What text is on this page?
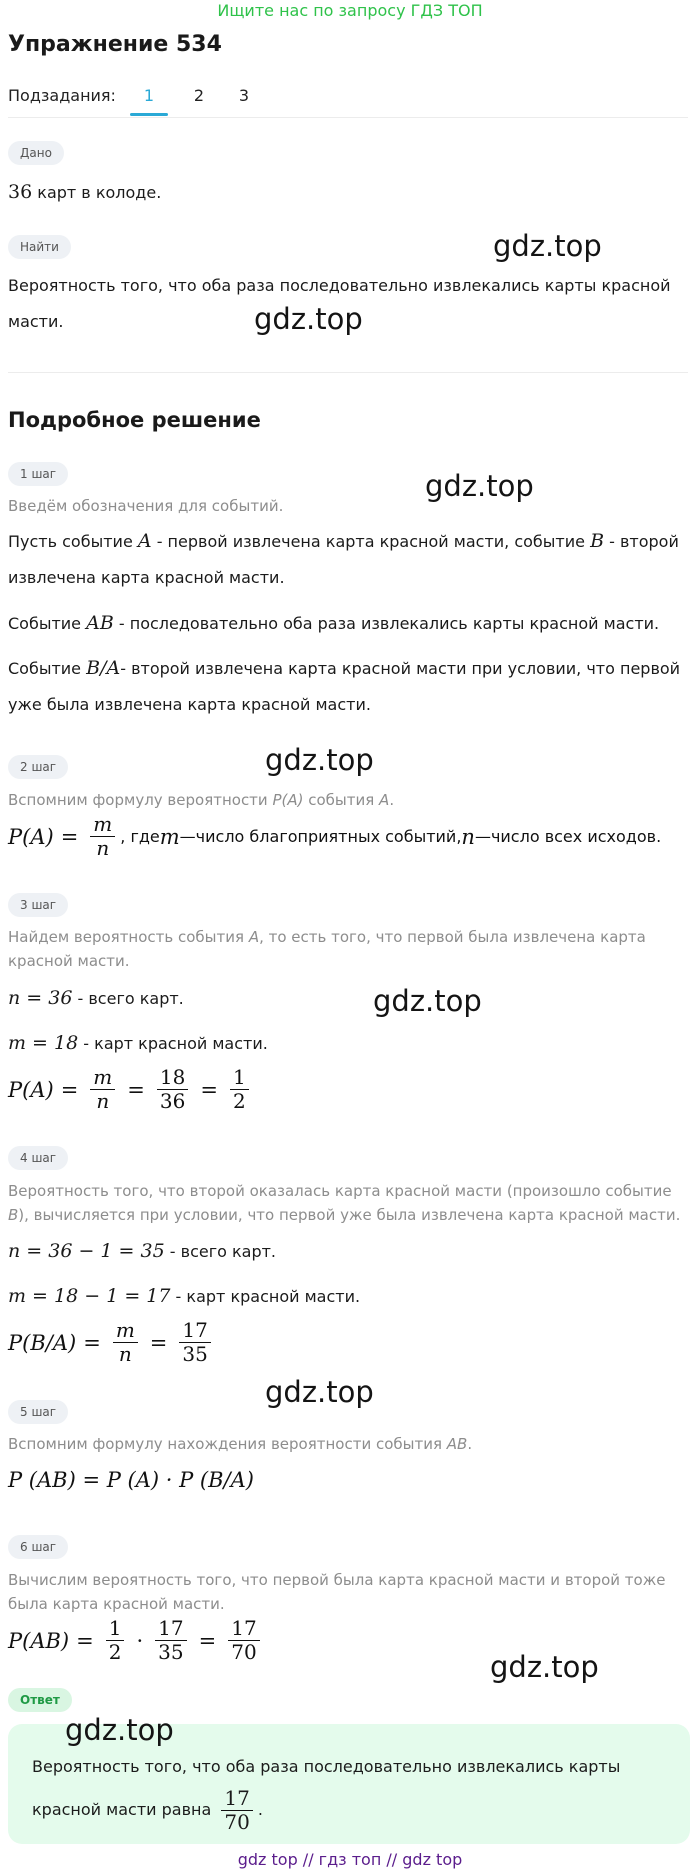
Ищите нас по запросу ГДЗ ТОП
Упражнение 534
Подзадания:	1	2	3
Дано
36 карт в колоде.
Найти
Вероятность того, что оба раза последовательно извлекались карты красной масти.
Подробное решение
1 шаг
Введём обозначения для событий.
Пусть событие A - первой извлечена карта красной масти, событие B - второй извлечена карта красной масти.
Событие AB - последовательно оба раза извлекались карты красной масти.
Событие B/A- второй извлечена карта красной масти при условии, что первой уже была извлечена карта красной масти.
2 шаг
Вспомним формулу вероятности P(A) события A.
$P(A) = \frac{m}{n}$ , где m —число благоприятных событий, n —число всех исходов.
3 шаг
Найдем вероятность события A, то есть того, что первой была извлечена карта красной масти.
n = 36 - всего карт.
m = 18 - карт красной масти.
$P(A) = \frac{m}{n} = \frac{18}{36} = \frac{1}{2}$
4 шаг
Вероятность того, что второй оказалась карта красной масти (произошло событие B), вычисляется при условии, что первой уже была извлечена карта красной масти.
n = 36 − 1 = 35 - всего карт.
m = 18 − 1 = 17 - карт красной масти.
$P(B/A) = \frac{m}{n} = \frac{17}{35}$
5 шаг
Вспомним формулу нахождения вероятности события AB.
P (AB) = P (A) · P (B/A)
6 шаг
Вычислим вероятность того, что первой была карта красной масти и второй тоже была карта красной масти.
$P(AB) = \frac{1}{2} \cdot \frac{17}{35} = \frac{17}{70}$
Ответ
Вероятность того, что оба раза последовательно извлекались карты красной масти равна $\frac{17}{70}$ .
gdz.top
gdz.top
gdz.top
gdz.top
gdz.top
gdz.top
gdz.top
gdz.top
gdz top // гдз топ // gdz top
